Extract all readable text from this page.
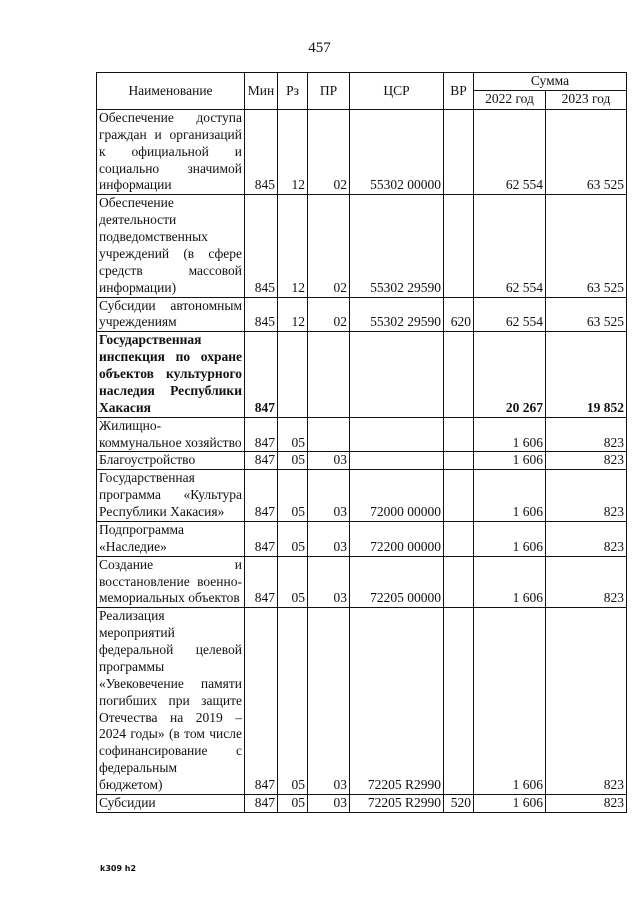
457
Наименование	Мин	Рз	ПР	ЦСР	ВР	Сумма	
						2022 год	2023 год
Обеспечение доступа граждан и организаций к официальной и социально значимой информации	845	12	02	55302 00000		62 554	63 525
Обеспечение деятельности подведомственных учреждений (в сфере средств массовой информации)	845	12	02	55302 29590		62 554	63 525
Субсидии автономным учреждениям	845	12	02	55302 29590	620	62 554	63 525
Государственная инспекция по охране объектов культурного наследия Республики Хакасия	847					20 267	19 852
Жилищно-коммунальное хозяйство	847	05				1 606	823
Благоустройство	847	05	03			1 606	823
Государственная программа «Культура Республики Хакасия»	847	05	03	72000 00000		1 606	823
Подпрограмма «Наследие»	847	05	03	72200 00000		1 606	823
Создание и восстановление военно-мемориальных объектов	847	05	03	72205 00000		1 606	823
Реализация мероприятий федеральной целевой программы «Увековечение памяти погибших при защите Отечества на 2019 – 2024 годы» (в том числе софинансирование с федеральным бюджетом)	847	05	03	72205 R2990		1 606	823
Субсидии	847	05	03	72205 R2990	520	1 606	823
k309 h2
